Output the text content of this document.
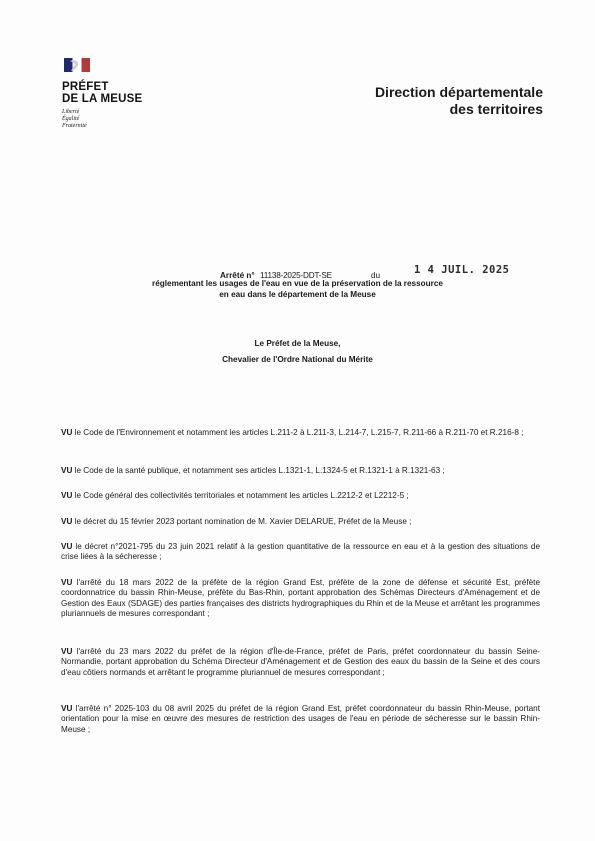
PRÉFET
DE LA MEUSE
Liberté
Égalité
Fraternité
Direction départementale
des territoires
Arrêté n° 11138-2025-DDT-SE	du	1 4 JUIL. 2025
réglementant les usages de l'eau en vue de la préservation de la ressource
en eau dans le département de la Meuse
Le Préfet de la Meuse,
Chevalier de l'Ordre National du Mérite

VU le Code de l'Environnement et notamment les articles L.211-2 à L.211-3, L.214-7, L.215-7, R.211-66 à R.211-70 et R.216-8 ;

VU le Code de la santé publique, et notamment ses articles L.1321-1, L.1324-5 et R.1321-1 à R.1321-63 ;

VU le Code général des collectivités territoriales et notamment les articles L.2212-2 et L2212-5 ;

VU le décret du 15 février 2023 portant nomination de M. Xavier DELARUE, Préfet de la Meuse ;

VU le décret n°2021-795 du 23 juin 2021 relatif à la gestion quantitative de la ressource en eau et à la gestion des situations de crise liées à la sécheresse ;

VU l'arrêté du 18 mars 2022 de la préfète de la région Grand Est, préfète de la zone de défense et sécurité Est, préfète coordonnatrice du bassin Rhin-Meuse, préfète du Bas-Rhin, portant approbation des Schémas Directeurs d'Aménagement et de Gestion des Eaux (SDAGE) des parties françaises des districts hydrographiques du Rhin et de la Meuse et arrêtant les programmes pluriannuels de mesures correspondant ;

VU l'arrêté du 23 mars 2022 du préfet de la région d'Île-de-France, préfet de Paris, préfet coordonnateur du bassin Seine-Normandie, portant approbation du Schéma Directeur d'Aménagement et de Gestion des eaux du bassin de la Seine et des cours d'eau côtiers normands et arrêtant le programme pluriannuel de mesures correspondant ;

VU l'arrêté n° 2025-103 du 08 avril 2025 du préfet de la région Grand Est, préfet coordonnateur du bassin Rhin-Meuse, portant orientation pour la mise en œuvre des mesures de restriction des usages de l'eau en période de sécheresse sur le bassin Rhin-Meuse ;
